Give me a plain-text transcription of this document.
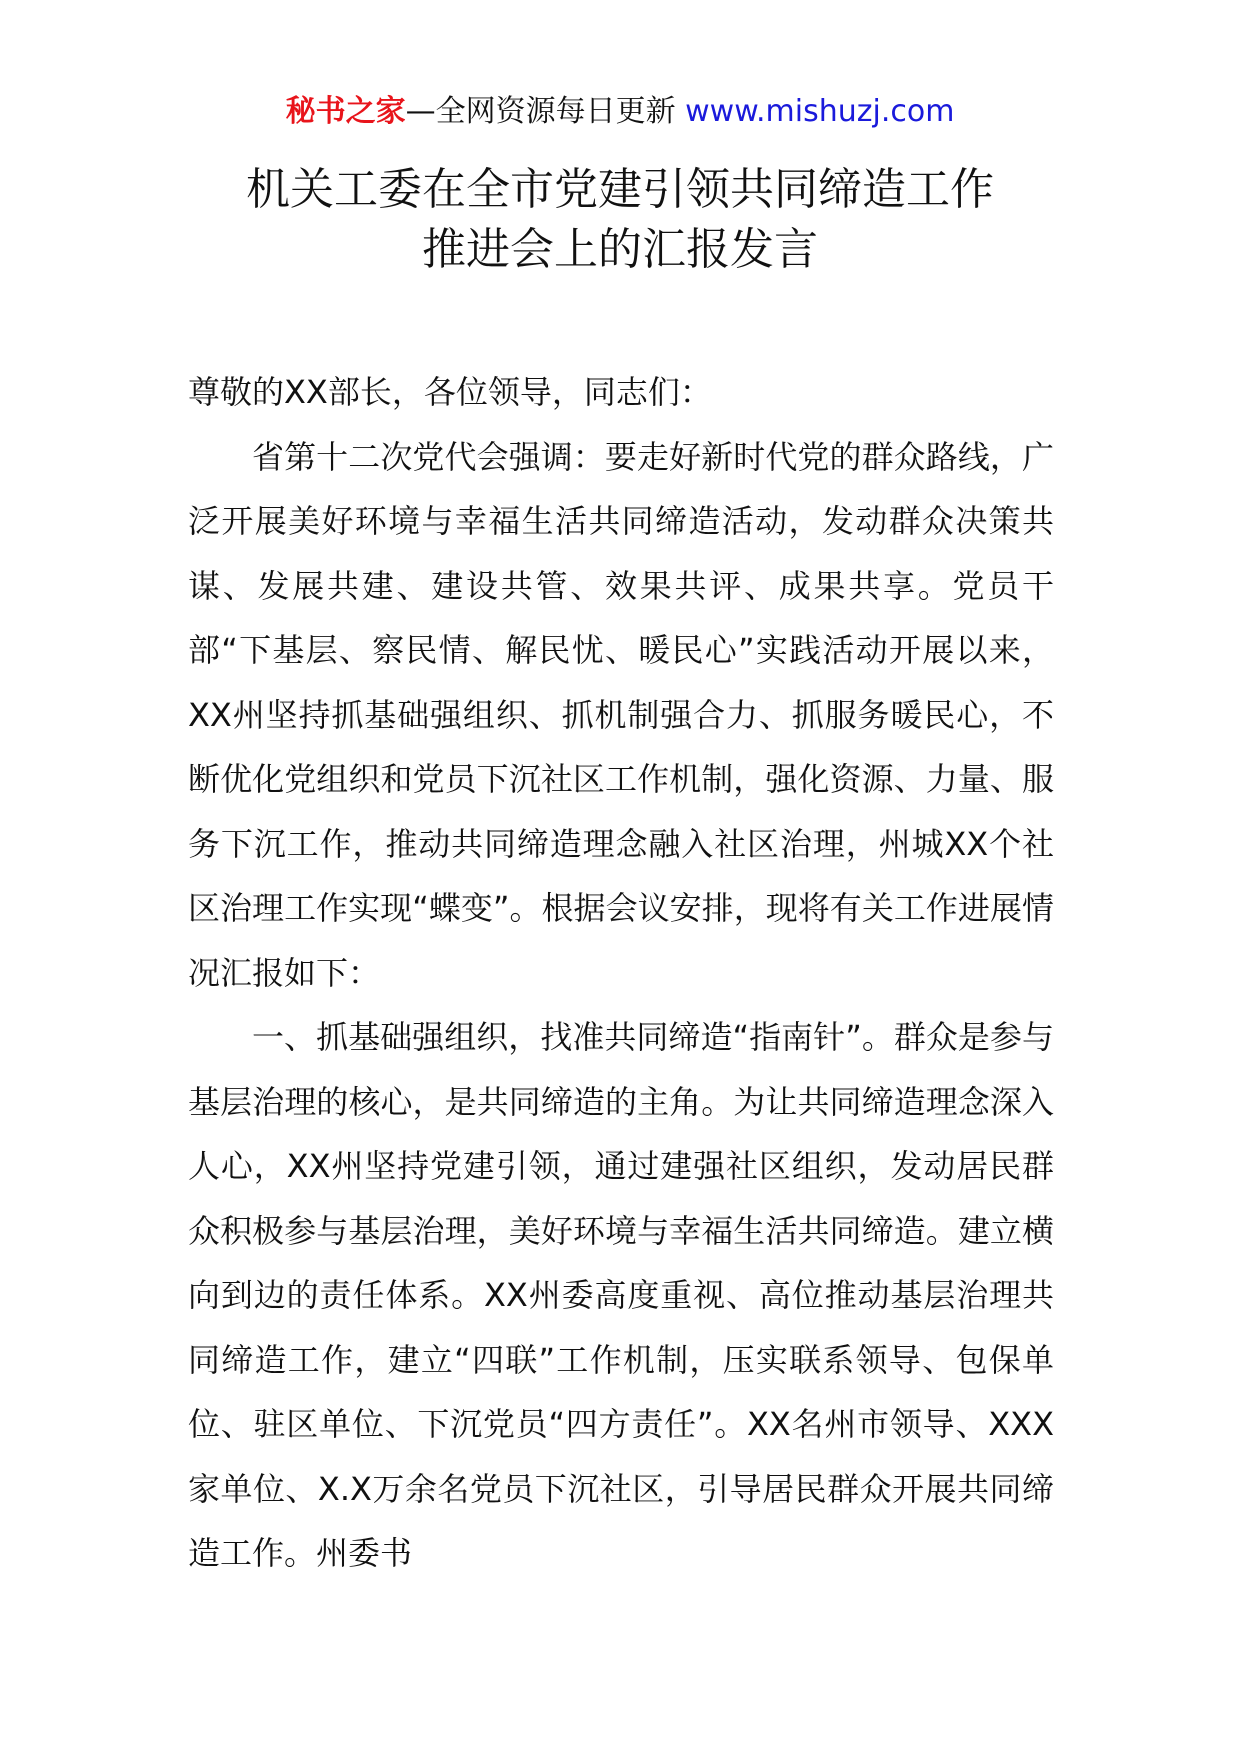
秘书之家—全网资源每日更新 www.mishuzj.com
机关工委在全市党建引领共同缔造工作
推进会上的汇报发言

尊敬的XX部长，各位领导，同志们：

省第十二次党代会强调：要走好新时代党的群众路线，广泛开展美好环境与幸福生活共同缔造活动，发动群众决策共谋、发展共建、建设共管、效果共评、成果共享。党员干部“下基层、察民情、解民忧、暖民心”实践活动开展以来，XX州坚持抓基础强组织、抓机制强合力、抓服务暖民心，不断优化党组织和党员下沉社区工作机制，强化资源、力量、服务下沉工作，推动共同缔造理念融入社区治理，州城XX个社区治理工作实现“蝶变”。根据会议安排，现将有关工作进展情况汇报如下：

一、抓基础强组织，找准共同缔造“指南针”。群众是参与基层治理的核心，是共同缔造的主角。为让共同缔造理念深入人心，XX州坚持党建引领，通过建强社区组织，发动居民群众积极参与基层治理，美好环境与幸福生活共同缔造。建立横向到边的责任体系。XX州委高度重视、高位推动基层治理共同缔造工作，建立“四联”工作机制，压实联系领导、包保单位、驻区单位、下沉党员“四方责任”。XX名州市领导、XXX家单位、X.X万余名党员下沉社区，引导居民群众开展共同缔造工作。州委书
